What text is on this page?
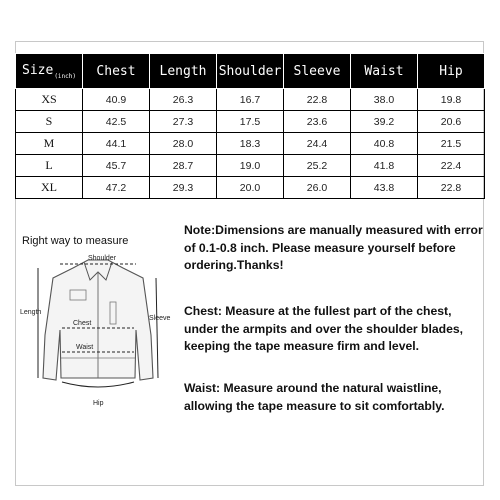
Size$_{(inch)}$	Chest	Length	Shoulder	Sleeve	Waist	Hip
XS	40.9	26.3	16.7	22.8	38.0	19.8
S	42.5	27.3	17.5	23.6	39.2	20.6
M	44.1	28.0	18.3	24.4	40.8	21.5
L	45.7	28.7	19.0	25.2	41.8	22.4
XL	47.2	29.3	20.0	26.0	43.8	22.8
Right way to measure
Shoulder
Length
Sleeve
Chest
Waist
Hip
Note:Dimensions are manually measured with error of 0.1-0.8 inch. Please measure yourself before ordering.Thanks!
Chest: Measure at the fullest part of the chest, under the armpits and over the shoulder blades, keeping the tape measure firm and level.
Waist: Measure around the natural waistline, allowing the tape measure to sit comfortably.
